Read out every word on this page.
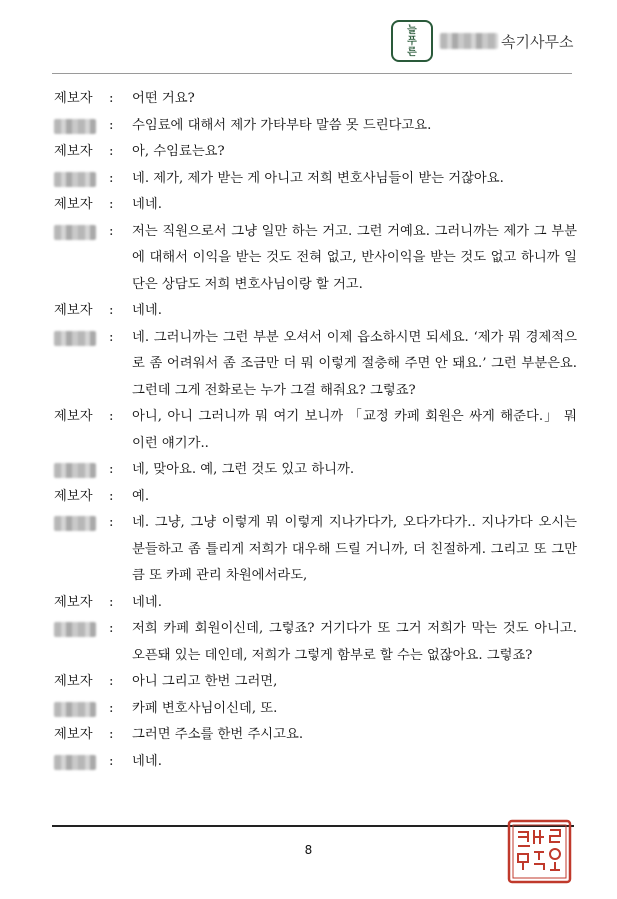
늘
푸
른
속기사무소
제보자	: 어떤 거요?
: 수임료에 대해서 제가 가타부타 말씀 못 드린다고요.
제보자	: 아, 수임료는요?
: 네. 제가, 제가 받는 게 아니고 저희 변호사님들이 받는 거잖아요.
제보자	: 네네.
: 저는 직원으로서 그냥 일만 하는 거고. 그런 거예요. 그러니까는 제가 그 부분에 대해서 이익을 받는 것도 전혀 없고, 반사이익을 받는 것도 없고 하니까 일단은 상담도 저희 변호사님이랑 할 거고.
제보자	: 네네.
: 네. 그러니까는 그런 부분 오셔서 이제 읍소하시면 되세요. ‘제가 뭐 경제적으로 좀 어려워서 좀 조금만 더 뭐 이렇게 절충해 주면 안 돼요.’ 그런 부분은요. 그런데 그게 전화로는 누가 그걸 해줘요? 그렇죠?
제보자	: 아니, 아니 그러니까 뭐 여기 보니까 「교정 카페 회원은 싸게 해준다.」 뭐 이런 얘기가..
: 네, 맞아요. 예, 그런 것도 있고 하니까.
제보자	: 예.
: 네. 그냥, 그냥 이렇게 뭐 이렇게 지나가다가, 오다가다가.. 지나가다 오시는 분들하고 좀 틀리게 저희가 대우해 드릴 거니까, 더 친절하게. 그리고 또 그만큼 또 카페 관리 차원에서라도,
제보자	: 네네.
: 저희 카페 회원이신데, 그렇죠? 거기다가 또 그거 저희가 막는 것도 아니고. 오픈돼 있는 데인데, 저희가 그렇게 함부로 할 수는 없잖아요. 그렇죠?
제보자	: 아니 그리고 한번 그러면,
: 카페 변호사님이신데, 또.
제보자	: 그러면 주소를 한번 주시고요.
: 네네.
8
